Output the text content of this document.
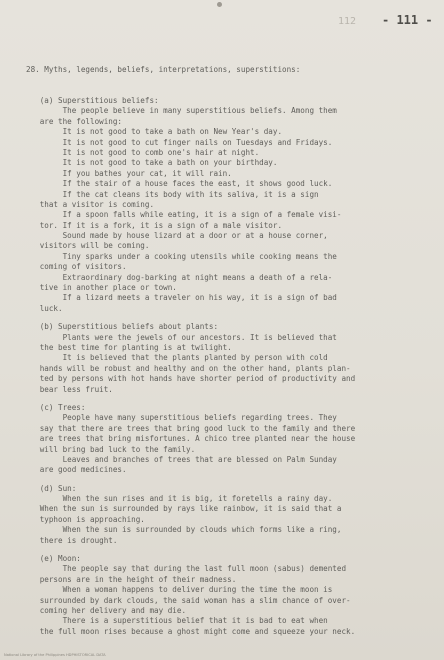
112 - 111 -

28. Myths, legends, beliefs, interpretations, superstitions:

(a) Superstitious beliefs:
The people believe in many superstitious beliefs. Among them
are the following:
It is not good to take a bath on New Year's day.
It is not good to cut finger nails on Tuesdays and Fridays.
It is not good to comb one's hair at night.
It is not good to take a bath on your birthday.
If you bathes your cat, it will rain.
If the stair of a house faces the east, it shows good luck.
If the cat cleans its body with its saliva, it is a sign
that a visitor is coming.
If a spoon falls while eating, it is a sign of a female visi-
tor. If it is a fork, it is a sign of a male visitor.
Sound made by house lizard at a door or at a house corner,
visitors will be coming.
Tiny sparks under a cooking utensils while cooking means the
coming of visitors.
Extraordinary dog-barking at night means a death of a rela-
tive in another place or town.
If a lizard meets a traveler on his way, it is a sign of bad
luck.
(b) Superstitious beliefs about plants:
Plants were the jewels of our ancestors. It is believed that
the best time for planting is at twilight.
It is believed that the plants planted by person with cold
hands will be robust and healthy and on the other hand, plants plan-
ted by persons with hot hands have shorter period of productivity and
bear less fruit.
(c) Trees:
People have many superstitious beliefs regarding trees. They
say that there are trees that bring good luck to the family and there
are trees that bring misfortunes. A chico tree planted near the house
will bring bad luck to the family.
Leaves and branches of trees that are blessed on Palm Sunday
are good medicines.
(d) Sun:
When the sun rises and it is big, it foretells a rainy day.
When the sun is surrounded by rays like rainbow, it is said that a
typhoon is approaching.
When the sun is surrounded by clouds which forms like a ring,
there is drought.
(e) Moon:
The people say that during the last full moon (sabus) demented
persons are in the height of their madness.
When a woman happens to deliver during the time the moon is
surrounded by dark clouds, the said woman has a slim chance of over-
coming her delivery and may die.
There is a superstitious belief that it is bad to eat when
the full moon rises because a ghost might come and squeeze your neck.
National Library of the Philippines HDPHISTORICAL DATA
